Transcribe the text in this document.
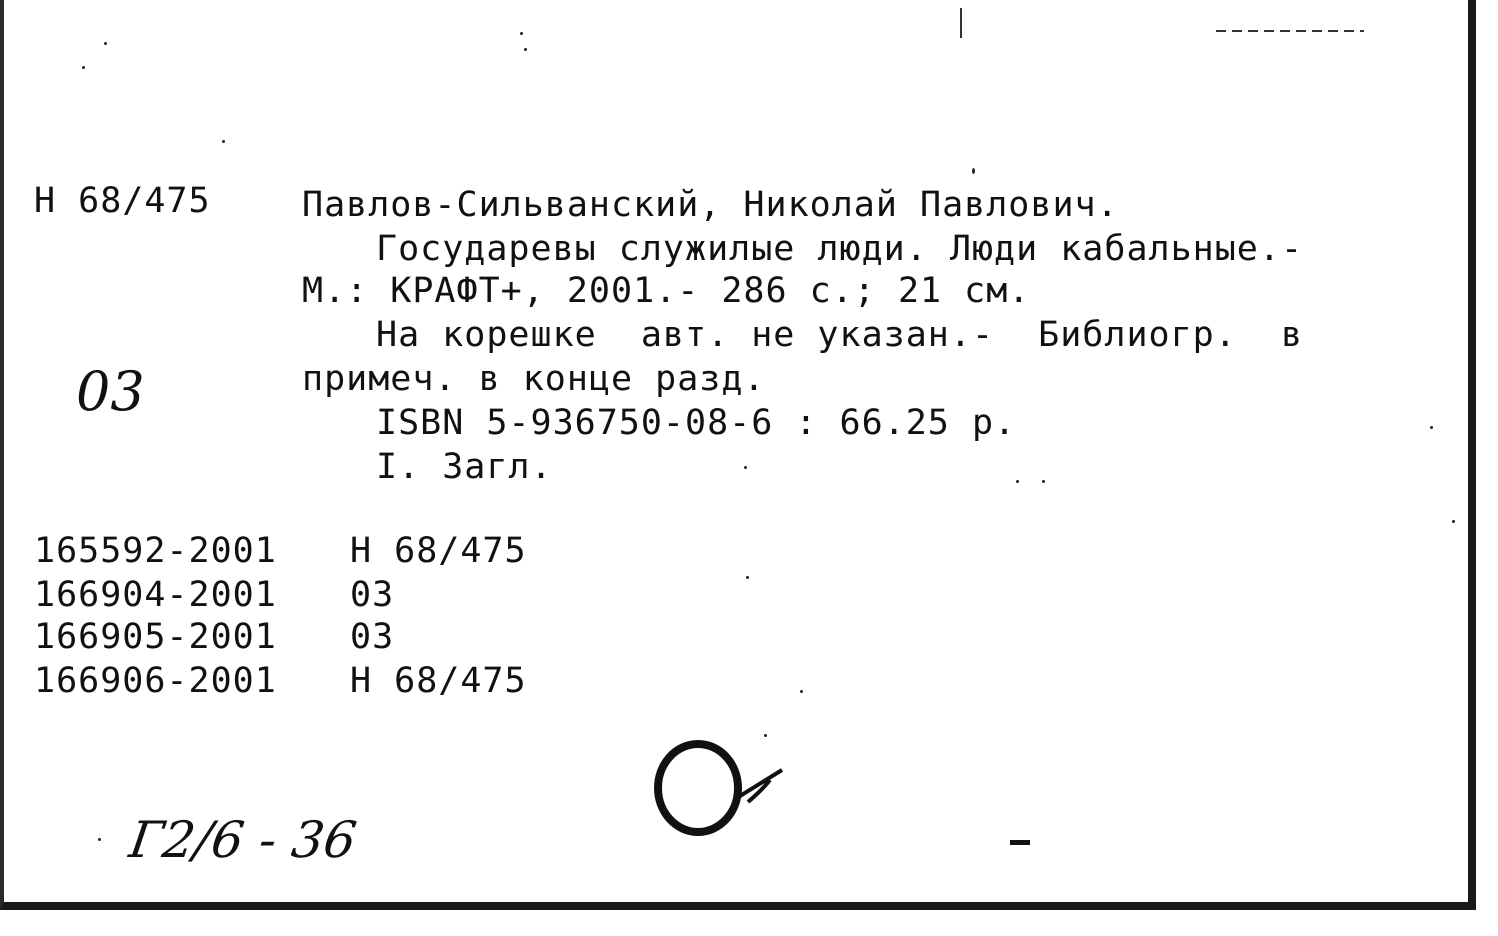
Н 68/475	Павлов-Сильванский, Николай Павлович.
Государевы служилые люди. Люди кабальные.-
М.: КРАФТ+, 2001.- 286 с.; 21 см.
На корешке  авт. не указан.-  Библиогр.  в
примеч. в конце разд.
ISBN 5-936750-08-6 : 66.25 р.
I. Загл.
03
165592-2001 Н 68/475
166904-2001 03
166905-2001 03
166906-2001 Н 68/475
Г2/6 - 36
